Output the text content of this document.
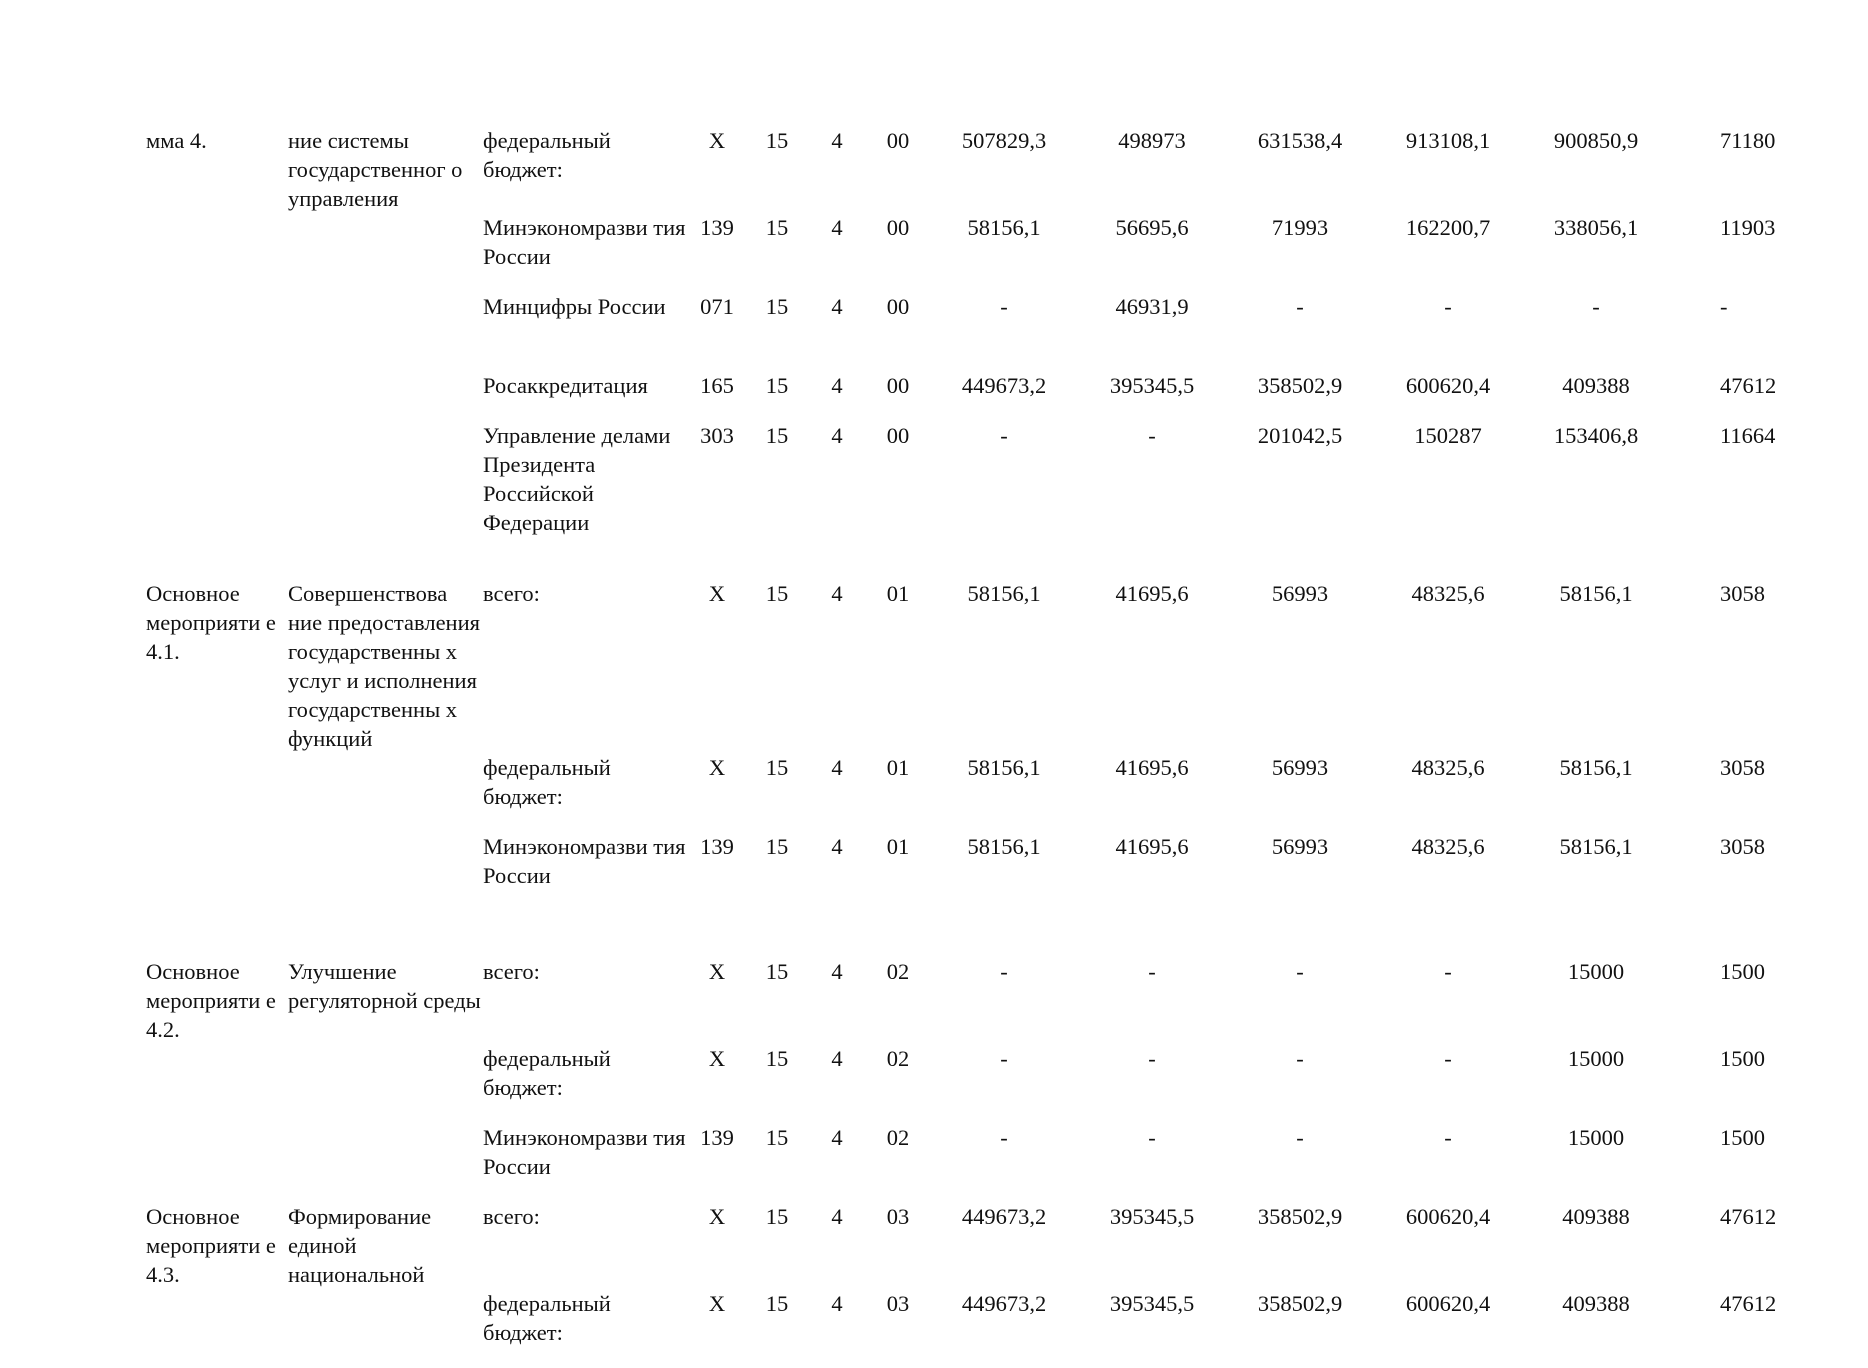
мма 4.	ние системы государственног о управления	федеральный бюджет:	X	15	4	00	507829,3	498973	631538,4	913108,1	900850,9	71180
		Минэкономразви тия России	139	15	4	00	58156,1	56695,6	71993	162200,7	338056,1	11903
		Минцифры России	071	15	4	00	-	46931,9	-	-	-	-
		Росаккредитация	165	15	4	00	449673,2	395345,5	358502,9	600620,4	409388	47612
		Управление делами Президента Российской Федерации	303	15	4	00	-	-	201042,5	150287	153406,8	11664
Основное мероприяти е 4.1.	Совершенствова ние предоставления государственны х услуг и исполнения государственны х функций	всего:	X	15	4	01	58156,1	41695,6	56993	48325,6	58156,1	3058
		федеральный бюджет:	X	15	4	01	58156,1	41695,6	56993	48325,6	58156,1	3058
		Минэкономразви тия России	139	15	4	01	58156,1	41695,6	56993	48325,6	58156,1	3058
Основное мероприяти е 4.2.	Улучшение регуляторной среды	всего:	X	15	4	02	-	-	-	-	15000	1500
		федеральный бюджет:	X	15	4	02	-	-	-	-	15000	1500
		Минэкономразви тия России	139	15	4	02	-	-	-	-	15000	1500
Основное мероприяти е 4.3.	Формирование единой национальной	всего:	X	15	4	03	449673,2	395345,5	358502,9	600620,4	409388	47612
		федеральный бюджет:	X	15	4	03	449673,2	395345,5	358502,9	600620,4	409388	47612
